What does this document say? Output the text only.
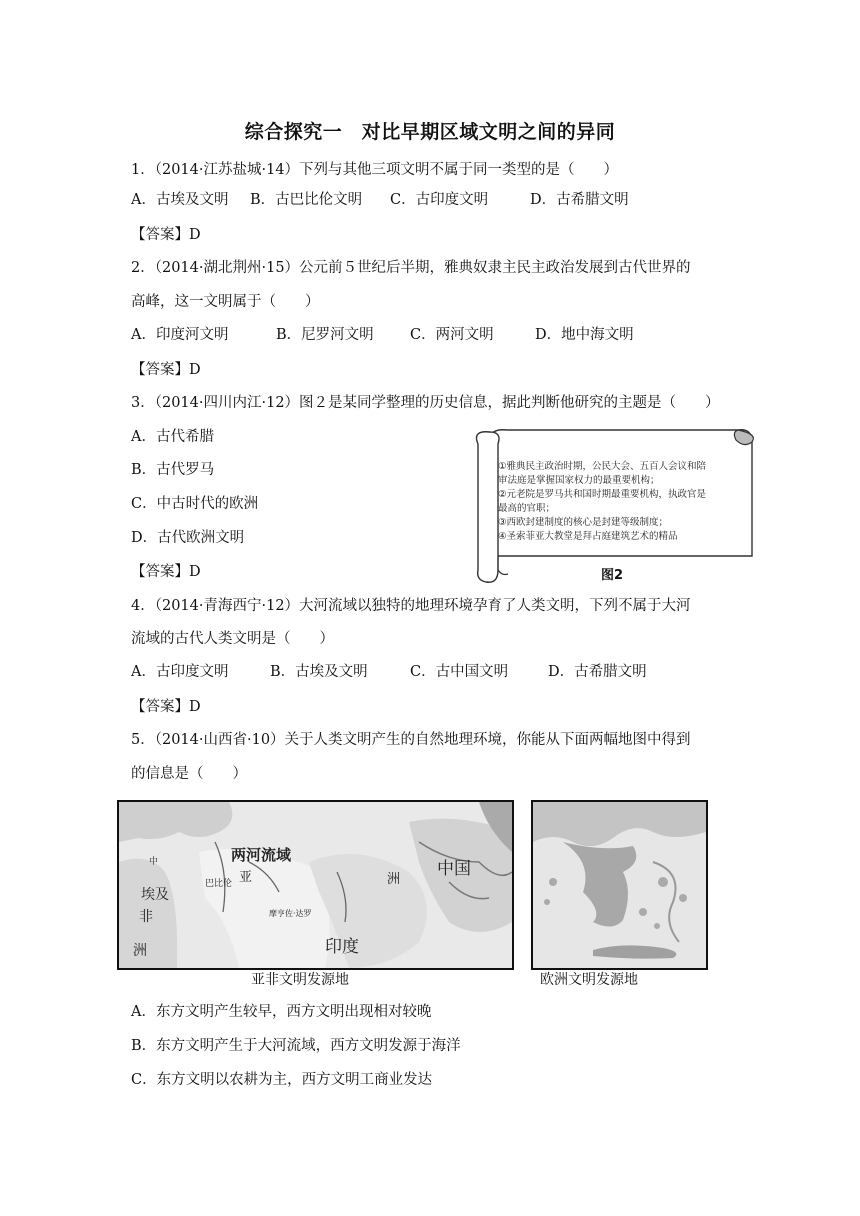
综合探究一　对比早期区域文明之间的异同
1．（2014·江苏盐城·14）下列与其他三项文明不属于同一类型的是（　　）
A．古埃及文明 B．古巴比伦文明 C．古印度文明	D．古希腊文明
【答案】D
2．（2014·湖北荆州·15）公元前５世纪后半期，雅典奴隶主民主政治发展到古代世界的
高峰，这一文明属于（　　）
A．印度河文明	B．尼罗河文明	C．两河文明	D．地中海文明
【答案】D
3．（2014·四川内江·12）图２是某同学整理的历史信息，据此判断他研究的主题是（　　）
A．古代希腊
B．古代罗马
C．中古时代的欧洲
D．古代欧洲文明
【答案】D
①雅典民主政治时期，公民大会、五百人会议和陪
审法庭是掌握国家权力的最重要机构；
②元老院是罗马共和国时期最重要机构，执政官是
最高的官职；
③西欧封建制度的核心是封建等级制度；
④圣索菲亚大教堂是拜占庭建筑艺术的精品
图2
4．（2014·青海西宁·12）大河流域以独特的地理环境孕育了人类文明，下列不属于大河
流域的古代人类文明是（　　）
A．古印度文明	B．古埃及文明	C．古中国文明	D．古希腊文明
【答案】D
5．（2014·山西省·10）关于人类文明产生的自然地理环境，你能从下面两幅地图中得到
的信息是（　　）
两河流域
中国
印度
埃及
亚	洲
非
洲
巴比伦
摩亨佐·达罗
中
亚非文明发源地	欧洲文明发源地
A．东方文明产生较早，西方文明出现相对较晚
B．东方文明产生于大河流域，西方文明发源于海洋
C．东方文明以农耕为主，西方文明工商业发达
